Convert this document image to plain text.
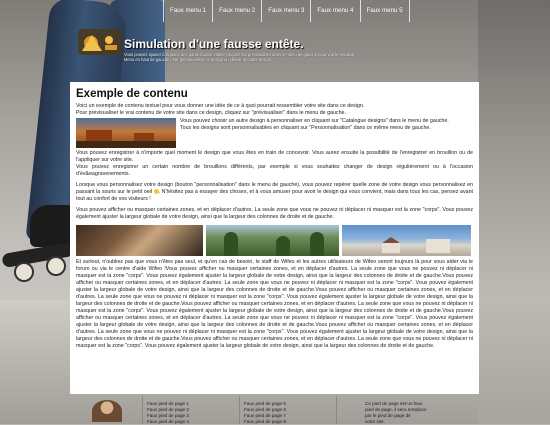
Faux menu 1	Faux menu 2	Faux menu 3	Faux menu 4	Faux menu 5
Simulation d'une fausse entête.
Vous pouvez ajouter à la place une partie fausse entête (cliquez sur prévisualiser dans le menu de gauche pour voir le résultat).
Menu en haut de gauche pour personnaliser ce design ou choisir un autre design.
Exemple de contenu

Voici un exemple de contenu textuel pour vous donner une idée de ce à quoi pourrait ressembler votre site dans ce design.

Pour prévisualiser le vrai contenu de votre site dans ce design, cliquez sur "prévisualiser" dans le menu de gauche.

Vous pouvez choisir un autre design à personnaliser en cliquant sur "Catalogue designs" dans le menu de gauche.

Tous les designs sont personnalisables en cliquant sur "Personnalisation" dans ce même menu de gauche.

Vous pouvez enregistrer à n'importe quel moment le design que vous êtes en train de concevoir. Vous aurez ensuite la possibilité de l'enregistrer en brouillon ou de l'appliquer sur votre site.

Vous pouvez enregistrer un certain nombre de brouillons différents, par exemple si vous souhaitez changer de design régulièrement ou à l'occasion d'év&eagravenements.

Lorsque vous personnalisez votre design (bouton "personnalisation" dans le menu de gauche), vous pouvez repérer quelle zone de votre design vous personnalisez en passant la souris sur le petit oeil . N'hésitez pas à essayer des choses, et à vous amuser pour avoir le design qui vous convient, mais dans tous les cas, pensez avant tout au confort de vos visiteurs !

Vous pouvez afficher ou masquer certaines zones, et en déplacer d'autres. La seule zone que vous ne pouvez ni déplacer ni masquer est la zone "corps". Vous pouvez également ajuster la largeur globale de votre design, ainsi que la largeur des colonnes de droite et de gauche.

Et surtout, n'oubliez pas que vous n'êtes pas seul, et qu'en cas de besoin, le staff de Wifeo et les autres utilisateurs de Wifeo seront toujours là pour vous aider via le forum ou via le centre d'aide Wifeo !Vous pouvez afficher ou masquer certaines zones, et en déplacer d'autres. La seule zone que vous ne pouvez ni déplacer ni masquer est la zone "corps". Vous pouvez également ajuster la largeur globale de votre design, ainsi que la largeur des colonnes de droite et de gauche.Vous pouvez afficher ou masquer certaines zones, et en déplacer d'autres. La seule zone que vous ne pouvez ni déplacer ni masquer est la zone "corps". Vous pouvez également ajuster la largeur globale de votre design, ainsi que la largeur des colonnes de droite et de gauche.Vous pouvez afficher ou masquer certaines zones, et en déplacer d'autres. La seule zone que vous ne pouvez ni déplacer ni masquer est la zone "corps". Vous pouvez également ajuster la largeur globale de votre design, ainsi que la largeur des colonnes de droite et de gauche.Vous pouvez afficher ou masquer certaines zones, et en déplacer d'autres. La seule zone que vous ne pouvez ni déplacer ni masquer est la zone "corps". Vous pouvez également ajuster la largeur globale de votre design, ainsi que la largeur des colonnes de droite et de gauche.Vous pouvez afficher ou masquer certaines zones, et en déplacer d'autres. La seule zone que vous ne pouvez ni déplacer ni masquer est la zone "corps". Vous pouvez également ajuster la largeur globale de votre design, ainsi que la largeur des colonnes de droite et de gauche.Vous pouvez afficher ou masquer certaines zones, et en déplacer d'autres. La seule zone que vous ne pouvez ni déplacer ni masquer est la zone "corps". Vous pouvez également ajuster la largeur globale de votre design, ainsi que la largeur des colonnes de droite et de gauche.Vous pouvez afficher ou masquer certaines zones, et en déplacer d'autres. La seule zone que vous ne pouvez ni déplacer ni masquer est la zone "corps". Vous pouvez également ajuster la largeur globale de votre design, ainsi que la largeur des colonnes de droite et de gauche.

Faux pied de page 1
Faux pied de page 2
Faux pied de page 3
Faux pied de page 4
Faux pied de page 5
Faux pied de page 6
Faux pied de page 7
Faux pied de page 8
Ce pied de page est un faux
pied de page, il sera remplacé
par le pied de page de
votre site.
